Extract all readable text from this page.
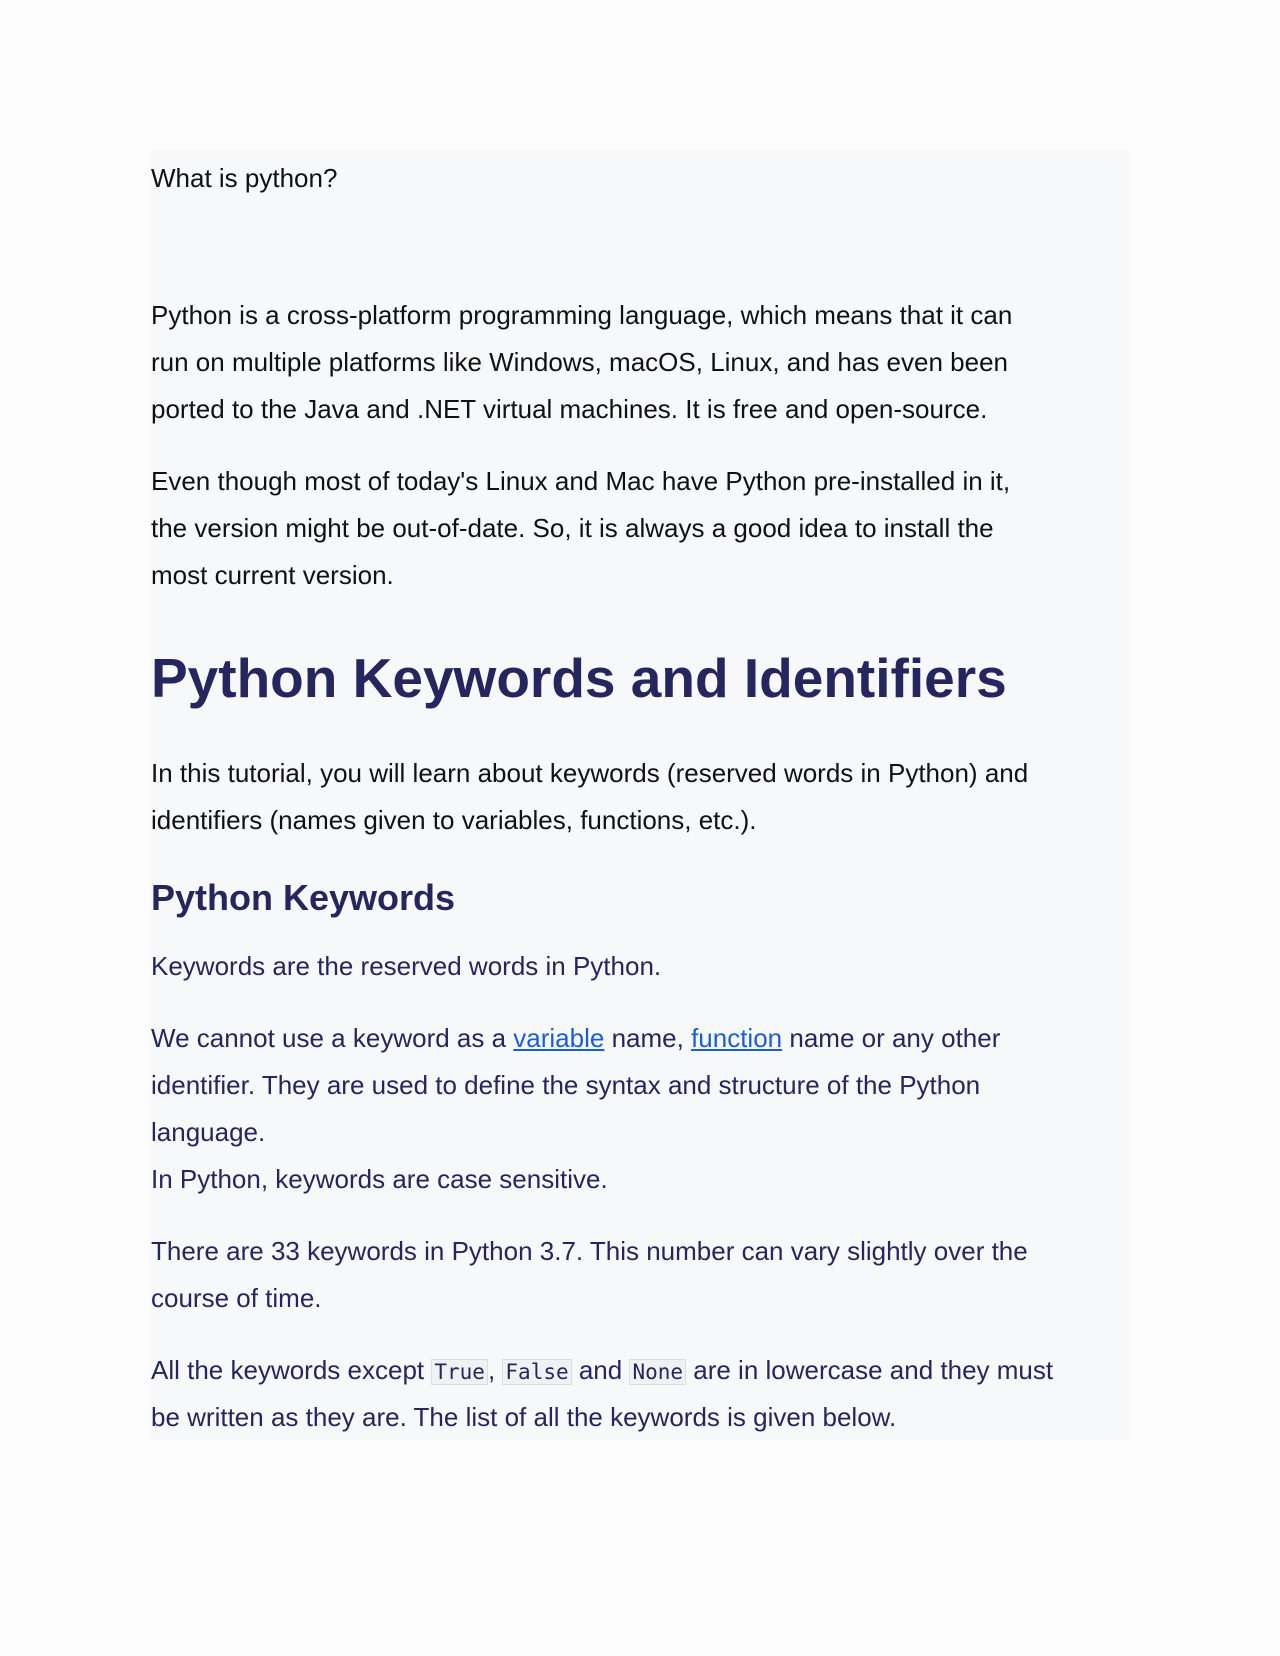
What is python?

Python is a cross-platform programming language, which means that it can

run on multiple platforms like Windows, macOS, Linux, and has even been

ported to the Java and .NET virtual machines. It is free and open-source.

Even though most of today's Linux and Mac have Python pre-installed in it,

the version might be out-of-date. So, it is always a good idea to install the

most current version.

Python Keywords and Identifiers

In this tutorial, you will learn about keywords (reserved words in Python) and

identifiers (names given to variables, functions, etc.).

Python Keywords

Keywords are the reserved words in Python.

We cannot use a keyword as a variable name, function name or any other

identifier. They are used to define the syntax and structure of the Python

language.

In Python, keywords are case sensitive.

There are 33 keywords in Python 3.7. This number can vary slightly over the

course of time.

All the keywords except True , False and None are in lowercase and they must

be written as they are. The list of all the keywords is given below.
